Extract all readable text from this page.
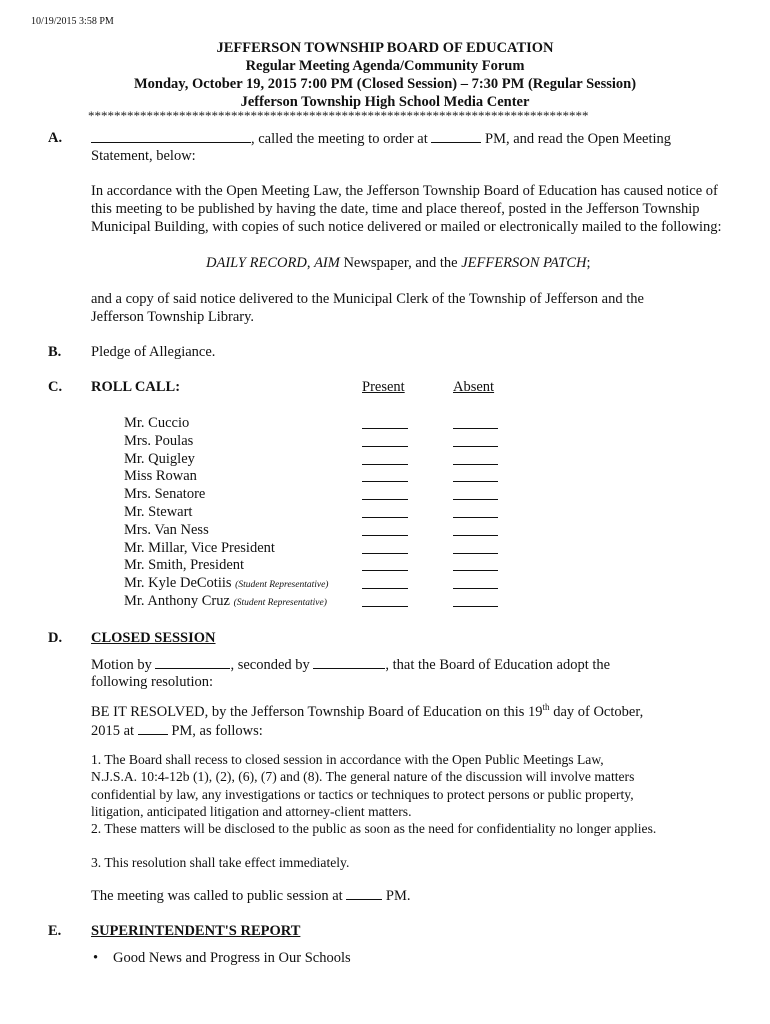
10/19/2015 3:58 PM
JEFFERSON TOWNSHIP BOARD OF EDUCATION
Regular Meeting Agenda/Community Forum
Monday, October 19, 2015 7:00 PM (Closed Session) – 7:30 PM (Regular Session)
Jefferson Township High School Media Center
*****************************************************************************
A.	, called the meeting to order at	PM, and read the Open Meeting
Statement, below:
In accordance with the Open Meeting Law, the Jefferson Township Board of Education has caused notice of this meeting to be published by having the date, time and place thereof, posted in the Jefferson Township Municipal Building, with copies of such notice delivered or mailed or electronically mailed to the following:
DAILY RECORD, AIM Newspaper, and the JEFFERSON PATCH;
and a copy of said notice delivered to the Municipal Clerk of the Township of Jefferson and the Jefferson Township Library.
B. Pledge of Allegiance.
C. ROLL CALL:	Present	Absent
Mr. Cuccio
Mrs. Poulas
Mr. Quigley
Miss Rowan
Mrs. Senatore
Mr. Stewart
Mrs. Van Ness
Mr. Millar, Vice President
Mr. Smith, President
Mr. Kyle DeCotiis (Student Representative)
Mr. Anthony Cruz (Student Representative)
D. CLOSED SESSION
Motion by	, seconded by	, that the Board of Education adopt the
following resolution:
BE IT RESOLVED, by the Jefferson Township Board of Education on this 19th day of October,
2015 at	PM, as follows:
1. The Board shall recess to closed session in accordance with the Open Public Meetings Law, N.J.S.A. 10:4-12b (1), (2), (6), (7) and (8). The general nature of the discussion will involve matters confidential by law, any investigations or tactics or techniques to protect persons or public property, litigation, anticipated litigation and attorney-client matters.
2. These matters will be disclosed to the public as soon as the need for confidentiality no longer applies.
3. This resolution shall take effect immediately.
The meeting was called to public session at	PM.
E. SUPERINTENDENT'S REPORT
• Good News and Progress in Our Schools
